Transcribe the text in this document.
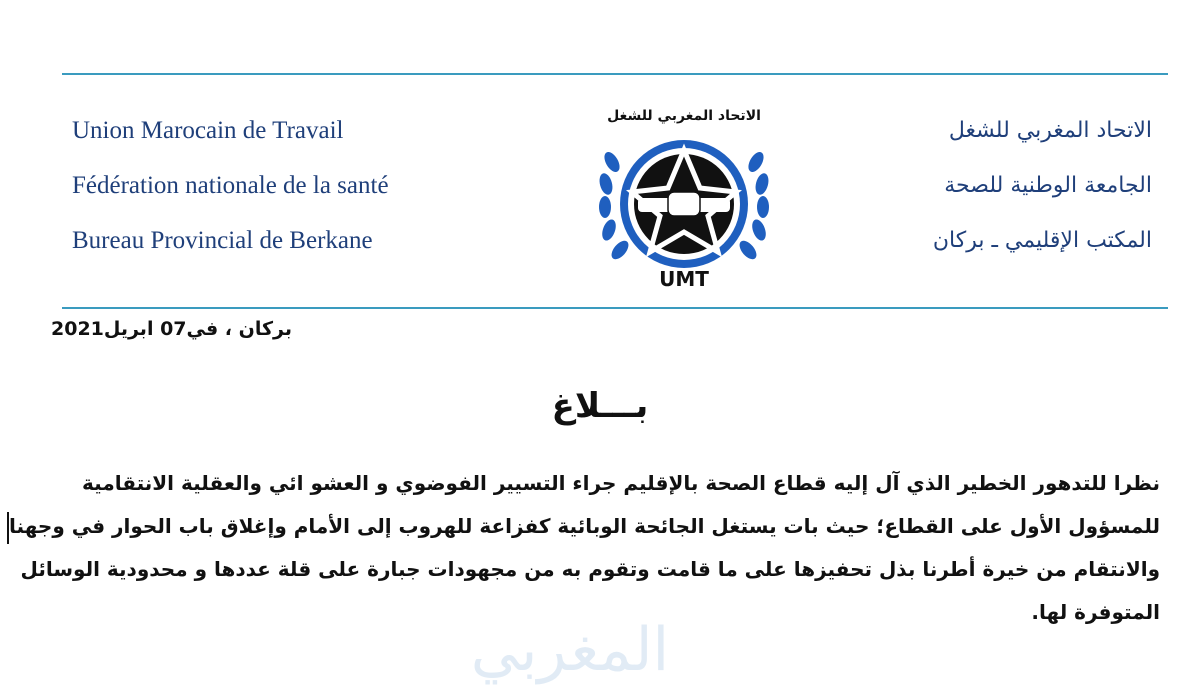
Union Marocain de Travail
Fédération nationale de la santé
Bureau Provincial de Berkane
الاتحاد المغربي للشغل
UMT
الاتحاد المغربي للشغل
الجامعة الوطنية للصحة
المكتب الإقليمي ـ بركان
بركان ، في07 ابريل2021
بـــلاغ
نظرا للتدهور الخطير الذي آل إليه قطاع الصحة بالإقليم جراء التسيير الفوضوي و العشو ائي والعقلية الانتقامية
للمسؤول الأول على القطاع؛ حيث بات يستغل الجائحة الوبائية كفزاعة للهروب إلى الأمام وإغلاق باب الحوار في وجهنا
والانتقام من خيرة أطرنا بذل تحفيزها على ما قامت وتقوم به من مجهودات جبارة على قلة عددها و محدودية الوسائل
المتوفرة لها.
المغربي
